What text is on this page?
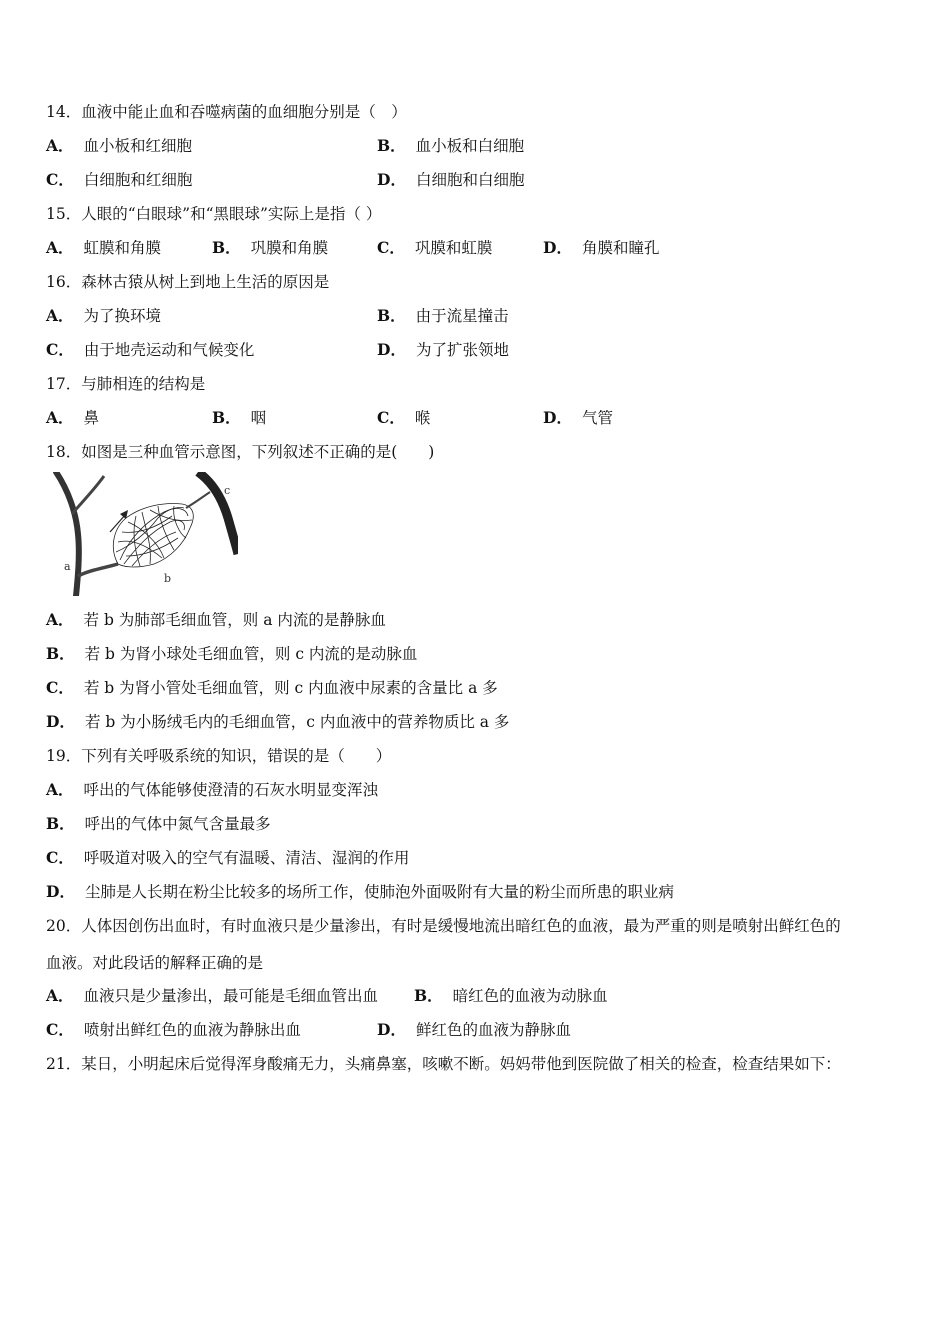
14．血液中能止血和吞噬病菌的血细胞分别是（　）
A． 血小板和红细胞	B． 血小板和白细胞
C． 白细胞和红细胞	D． 白细胞和白细胞
15．人眼的“白眼球”和“黑眼球”实际上是指（ ）
A． 虹膜和角膜	B． 巩膜和角膜	C． 巩膜和虹膜	D． 角膜和瞳孔
16．森林古猿从树上到地上生活的原因是
A． 为了换环境	B． 由于流星撞击
C． 由于地壳运动和气候变化	D． 为了扩张领地
17．与肺相连的结构是
A． 鼻	B． 咽	C． 喉	D． 气管
18．如图是三种血管示意图，下列叙述不正确的是(　　)
a
b
c
A． 若 b 为肺部毛细血管，则 a 内流的是静脉血
B． 若 b 为肾小球处毛细血管，则 c 内流的是动脉血
C． 若 b 为肾小管处毛细血管，则 c 内血液中尿素的含量比 a 多
D． 若 b 为小肠绒毛内的毛细血管，c 内血液中的营养物质比 a 多
19．下列有关呼吸系统的知识，错误的是（　　）
A． 呼出的气体能够使澄清的石灰水明显变浑浊
B． 呼出的气体中氮气含量最多
C． 呼吸道对吸入的空气有温暖、清洁、湿润的作用
D． 尘肺是人长期在粉尘比较多的场所工作，使肺泡外面吸附有大量的粉尘而所患的职业病
20．人体因创伤出血时，有时血液只是少量渗出，有时是缓慢地流出暗红色的血液，最为严重的则是喷射出鲜红色的
血液。对此段话的解释正确的是
A． 血液只是少量渗出，最可能是毛细血管出血 B． 暗红色的血液为动脉血
C． 喷射出鲜红色的血液为静脉出血	D． 鲜红色的血液为静脉血
21．某日，小明起床后觉得浑身酸痛无力，头痛鼻塞，咳嗽不断。妈妈带他到医院做了相关的检查，检查结果如下：
